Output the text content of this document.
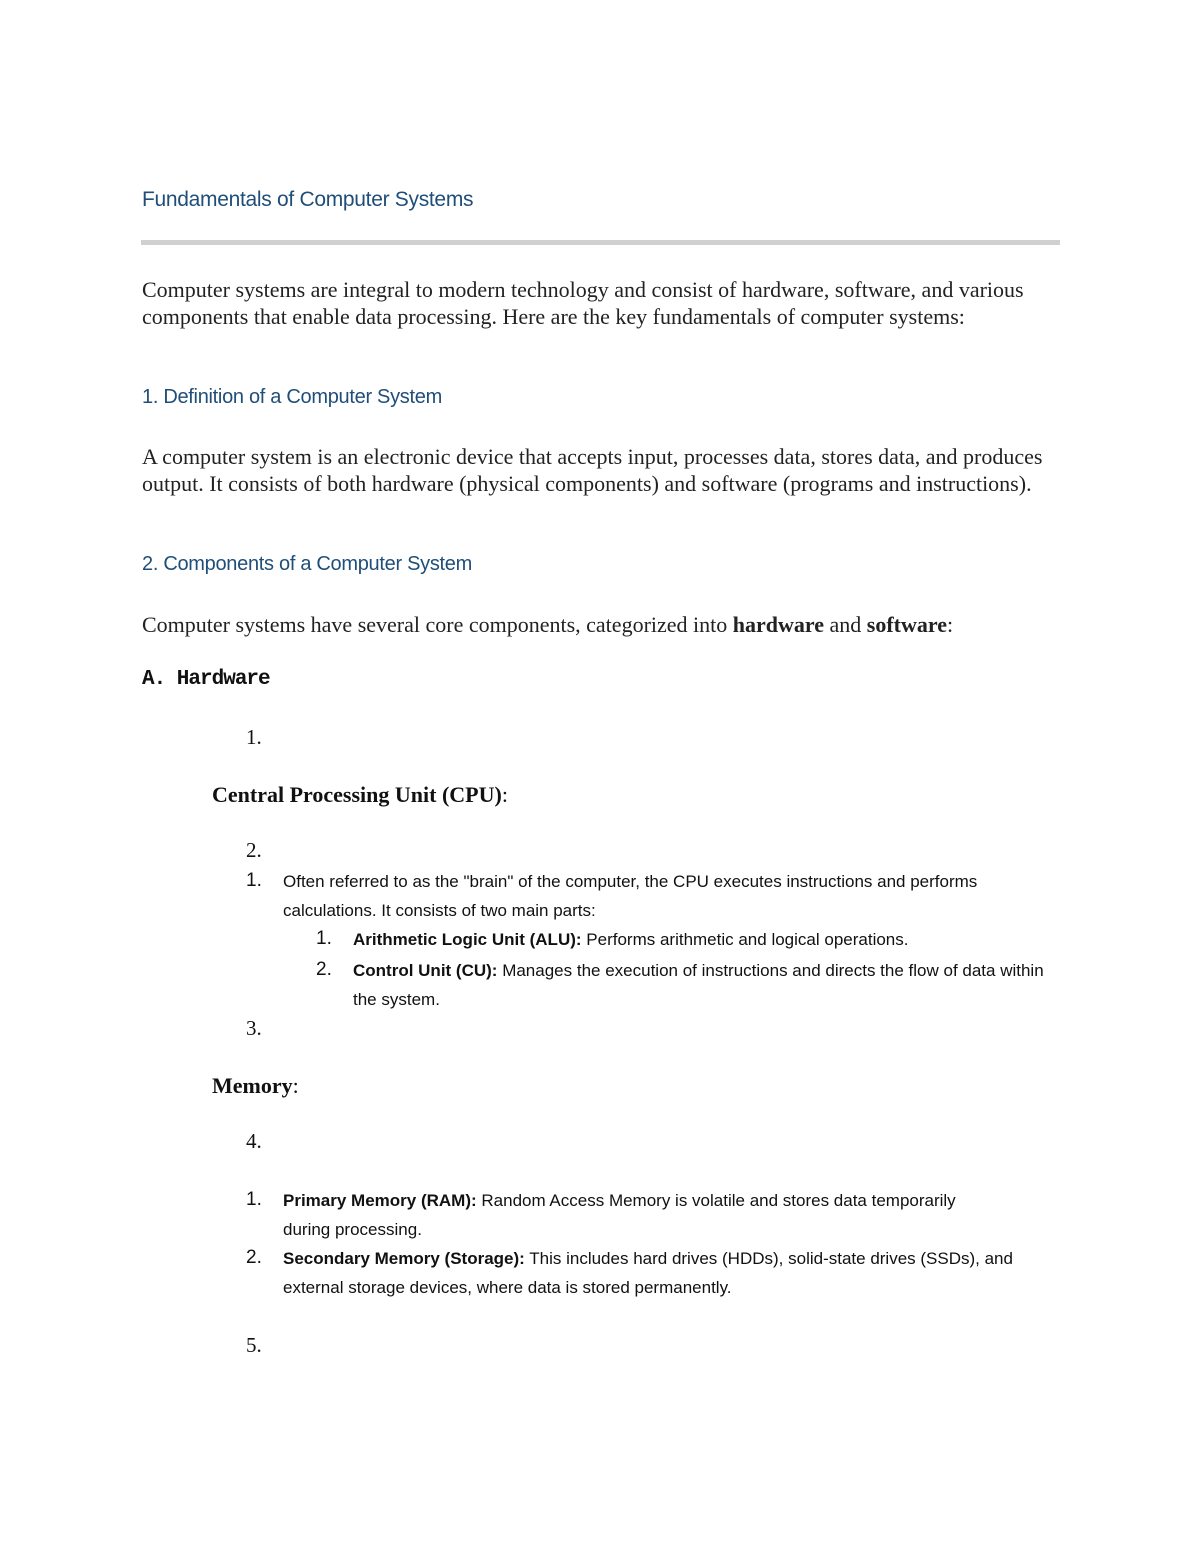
Fundamentals of Computer Systems
Computer systems are integral to modern technology and consist of hardware, software, and various components that enable data processing. Here are the key fundamentals of computer systems:
1. Definition of a Computer System
A computer system is an electronic device that accepts input, processes data, stores data, and produces output. It consists of both hardware (physical components) and software (programs and instructions).
2. Components of a Computer System
Computer systems have several core components, categorized into hardware and software:
A. Hardware
1.
Central Processing Unit (CPU):
2.
1. Often referred to as the "brain" of the computer, the CPU executes instructions and performs calculations. It consists of two main parts:
1. Arithmetic Logic Unit (ALU): Performs arithmetic and logical operations.
2. Control Unit (CU): Manages the execution of instructions and directs the flow of data within the system.
3.
Memory:
4.
1. Primary Memory (RAM): Random Access Memory is volatile and stores data temporarily during processing.
2. Secondary Memory (Storage): This includes hard drives (HDDs), solid-state drives (SSDs), and external storage devices, where data is stored permanently.
5.
